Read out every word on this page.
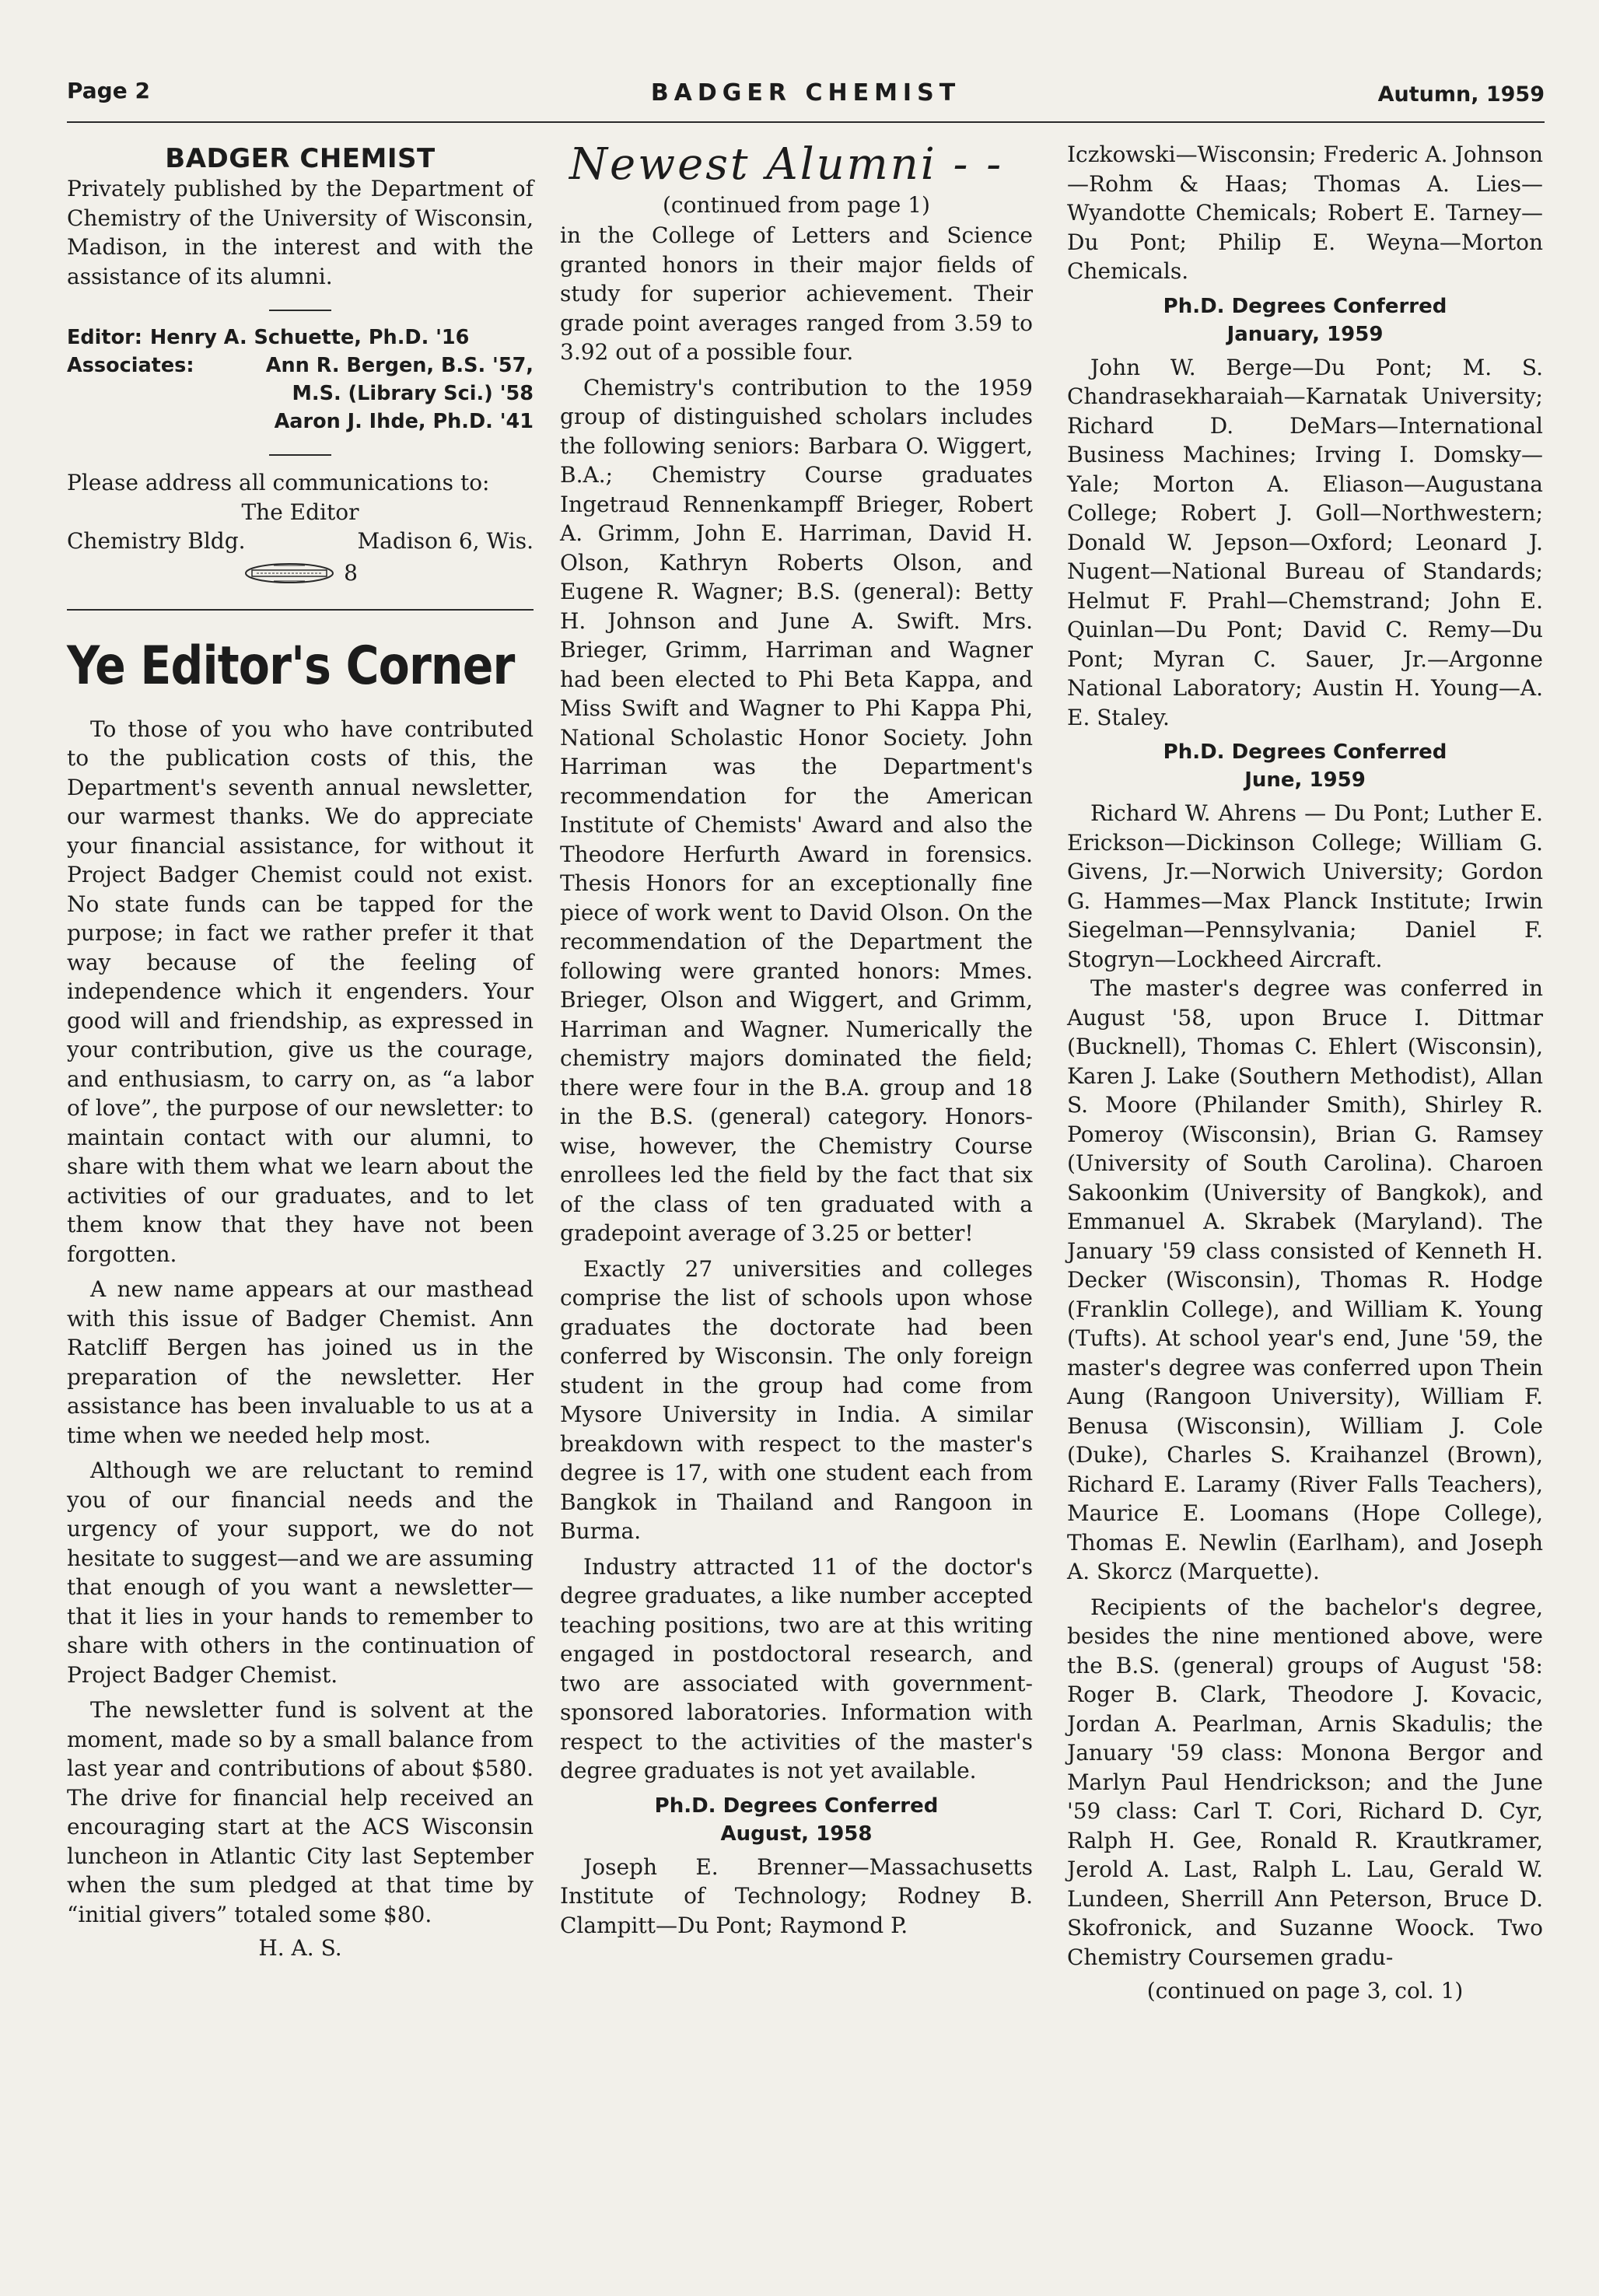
Page 2	BADGER CHEMIST	Autumn, 1959
BADGER CHEMIST

Privately published by the Department of Chemistry of the University of Wisconsin, Madison, in the interest and with the assistance of its alumni.

Editor: Henry A. Schuette, Ph.D. '16
Associates:	Ann R. Bergen, B.S. '57,
M.S. (Library Sci.) '58
Aaron J. Ihde, Ph.D. '41

Please address all communications to:

The Editor
Chemistry Bldg.	Madison 6, Wis.
8
Ye Editor's Corner

To those of you who have contributed to the publication costs of this, the Department's seventh annual newsletter, our warmest thanks. We do appreciate your financial assistance, for without it Project Badger Chemist could not exist. No state funds can be tapped for the purpose; in fact we rather prefer it that way because of the feeling of independence which it engenders. Your good will and friendship, as expressed in your contribution, give us the courage, and enthusiasm, to carry on, as “a labor of love”, the purpose of our newsletter: to maintain contact with our alumni, to share with them what we learn about the activities of our graduates, and to let them know that they have not been forgotten.

A new name appears at our masthead with this issue of Badger Chemist. Ann Ratcliff Bergen has joined us in the preparation of the newsletter. Her assistance has been invaluable to us at a time when we needed help most.

Although we are reluctant to remind you of our financial needs and the urgency of your support, we do not hesitate to suggest—and we are assuming that enough of you want a newsletter—that it lies in your hands to remember to share with others in the continuation of Project Badger Chemist.

The newsletter fund is solvent at the moment, made so by a small balance from last year and contributions of about $580. The drive for financial help received an encouraging start at the ACS Wisconsin luncheon in Atlantic City last September when the sum pledged at that time by “initial givers” totaled some $80.

H. A. S.
Newest Alumni - -

(continued from page 1)

in the College of Letters and Science granted honors in their major fields of study for superior achievement. Their grade point averages ranged from 3.59 to 3.92 out of a possible four.

Chemistry's contribution to the 1959 group of distinguished scholars includes the following seniors: Barbara O. Wiggert, B.A.; Chemistry Course graduates Ingetraud Rennenkampff Brieger, Robert A. Grimm, John E. Harriman, David H. Olson, Kathryn Roberts Olson, and Eugene R. Wagner; B.S. (general): Betty H. Johnson and June A. Swift. Mrs. Brieger, Grimm, Harriman and Wagner had been elected to Phi Beta Kappa, and Miss Swift and Wagner to Phi Kappa Phi, National Scholastic Honor Society. John Harriman was the Department's recommendation for the American Institute of Chemists' Award and also the Theodore Herfurth Award in forensics. Thesis Honors for an exceptionally fine piece of work went to David Olson. On the recommendation of the Department the following were granted honors: Mmes. Brieger, Olson and Wiggert, and Grimm, Harriman and Wagner. Numerically the chemistry majors dominated the field; there were four in the B.A. group and 18 in the B.S. (general) category. Honors-wise, however, the Chemistry Course enrollees led the field by the fact that six of the class of ten graduated with a gradepoint average of 3.25 or better!

Exactly 27 universities and colleges comprise the list of schools upon whose graduates the doctorate had been conferred by Wisconsin. The only foreign student in the group had come from Mysore University in India. A similar breakdown with respect to the master's degree is 17, with one student each from Bangkok in Thailand and Rangoon in Burma.

Industry attracted 11 of the doctor's degree graduates, a like number accepted teaching positions, two are at this writing engaged in postdoctoral research, and two are associated with government-sponsored laboratories. Information with respect to the activities of the master's degree graduates is not yet available.

Ph.D. Degrees Conferred
August, 1958

Joseph E. Brenner—Massachusetts Institute of Technology; Rodney B. Clampitt—Du Pont; Raymond P.

Iczkowski—Wisconsin; Frederic A. Johnson—Rohm & Haas; Thomas A. Lies—Wyandotte Chemicals; Robert E. Tarney—Du Pont; Philip E. Weyna—Morton Chemicals.

Ph.D. Degrees Conferred
January, 1959

John W. Berge—Du Pont; M. S. Chandrasekharaiah—Karnatak University; Richard D. DeMars—International Business Machines; Irving I. Domsky—Yale; Morton A. Eliason—Augustana College; Robert J. Goll—Northwestern; Donald W. Jepson—Oxford; Leonard J. Nugent—National Bureau of Standards; Helmut F. Prahl—Chemstrand; John E. Quinlan—Du Pont; David C. Remy—Du Pont; Myran C. Sauer, Jr.—Argonne National Laboratory; Austin H. Young—A. E. Staley.

Ph.D. Degrees Conferred
June, 1959

Richard W. Ahrens — Du Pont; Luther E. Erickson—Dickinson College; William G. Givens, Jr.—Norwich University; Gordon G. Hammes—Max Planck Institute; Irwin Siegelman—Pennsylvania; Daniel F. Stogryn—Lockheed Aircraft.

The master's degree was conferred in August '58, upon Bruce I. Dittmar (Bucknell), Thomas C. Ehlert (Wisconsin), Karen J. Lake (Southern Methodist), Allan S. Moore (Philander Smith), Shirley R. Pomeroy (Wisconsin), Brian G. Ramsey (University of South Carolina). Charoen Sakoonkim (University of Bangkok), and Emmanuel A. Skrabek (Maryland). The January '59 class consisted of Kenneth H. Decker (Wisconsin), Thomas R. Hodge (Franklin College), and William K. Young (Tufts). At school year's end, June '59, the master's degree was conferred upon Thein Aung (Rangoon University), William F. Benusa (Wisconsin), William J. Cole (Duke), Charles S. Kraihanzel (Brown), Richard E. Laramy (River Falls Teachers), Maurice E. Loomans (Hope College), Thomas E. Newlin (Earlham), and Joseph A. Skorcz (Marquette).

Recipients of the bachelor's degree, besides the nine mentioned above, were the B.S. (general) groups of August '58: Roger B. Clark, Theodore J. Kovacic, Jordan A. Pearlman, Arnis Skadulis; the January '59 class: Monona Bergor and Marlyn Paul Hendrickson; and the June '59 class: Carl T. Cori, Richard D. Cyr, Ralph H. Gee, Ronald R. Krautkramer, Jerold A. Last, Ralph L. Lau, Gerald W. Lundeen, Sherrill Ann Peterson, Bruce D. Skofronick, and Suzanne Woock. Two Chemistry Coursemen gradu-

(continued on page 3, col. 1)
